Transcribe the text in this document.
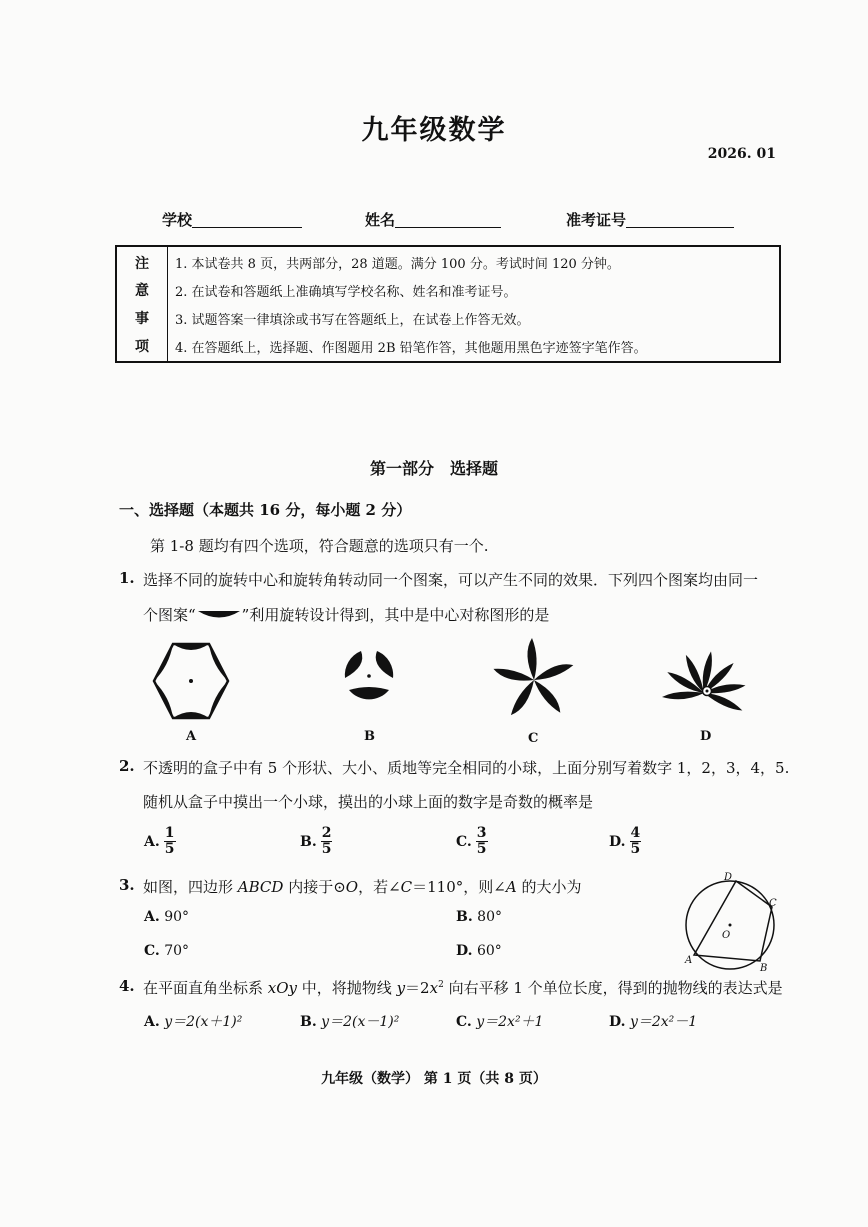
九年级数学
2026. 01
学校	姓名	准考证号
注
意
事
项
1. 本试卷共 8 页，共两部分，28 道题。满分 100 分。考试时间 120 分钟。
2. 在试卷和答题纸上准确填写学校名称、姓名和准考证号。
3. 试题答案一律填涂或书写在答题纸上，在试卷上作答无效。
4. 在答题纸上，选择题、作图题用 2B 铅笔作答，其他题用黑色字迹签字笔作答。
第一部分　选择题
一、选择题（本题共 16 分，每小题 2 分）
第 1-8 题均有四个选项，符合题意的选项只有一个.
1. 选择不同的旋转中心和旋转角转动同一个图案，可以产生不同的效果．下列四个图案均由同一
个图案“	”利用旋转设计得到，其中是中心对称图形的是
A	B	C	D
2. 不透明的盒子中有 5 个形状、大小、质地等完全相同的小球，上面分别写着数字 1，2，3，4，5.
随机从盒子中摸出一个小球，摸出的小球上面的数字是奇数的概率是
A. $\frac{1}{5}$	B. $\frac{2}{5}$	C. $\frac{3}{5}$	D. $\frac{4}{5}$
3. 如图，四边形 ABCD 内接于⊙O，若∠C＝110°，则∠A 的大小为
A. 90°	B. 80°
C. 70°	D. 60°
D
C
B
A
O
4. 在平面直角坐标系 xOy 中，将抛物线 $y=2x^2$ 向右平移 1 个单位长度，得到的抛物线的表达式是
A. y＝2(x＋1)²	B. y＝2(x－1)²	C. y＝2x²＋1	D. y＝2x²－1
九年级（数学） 第 1 页（共 8 页）
